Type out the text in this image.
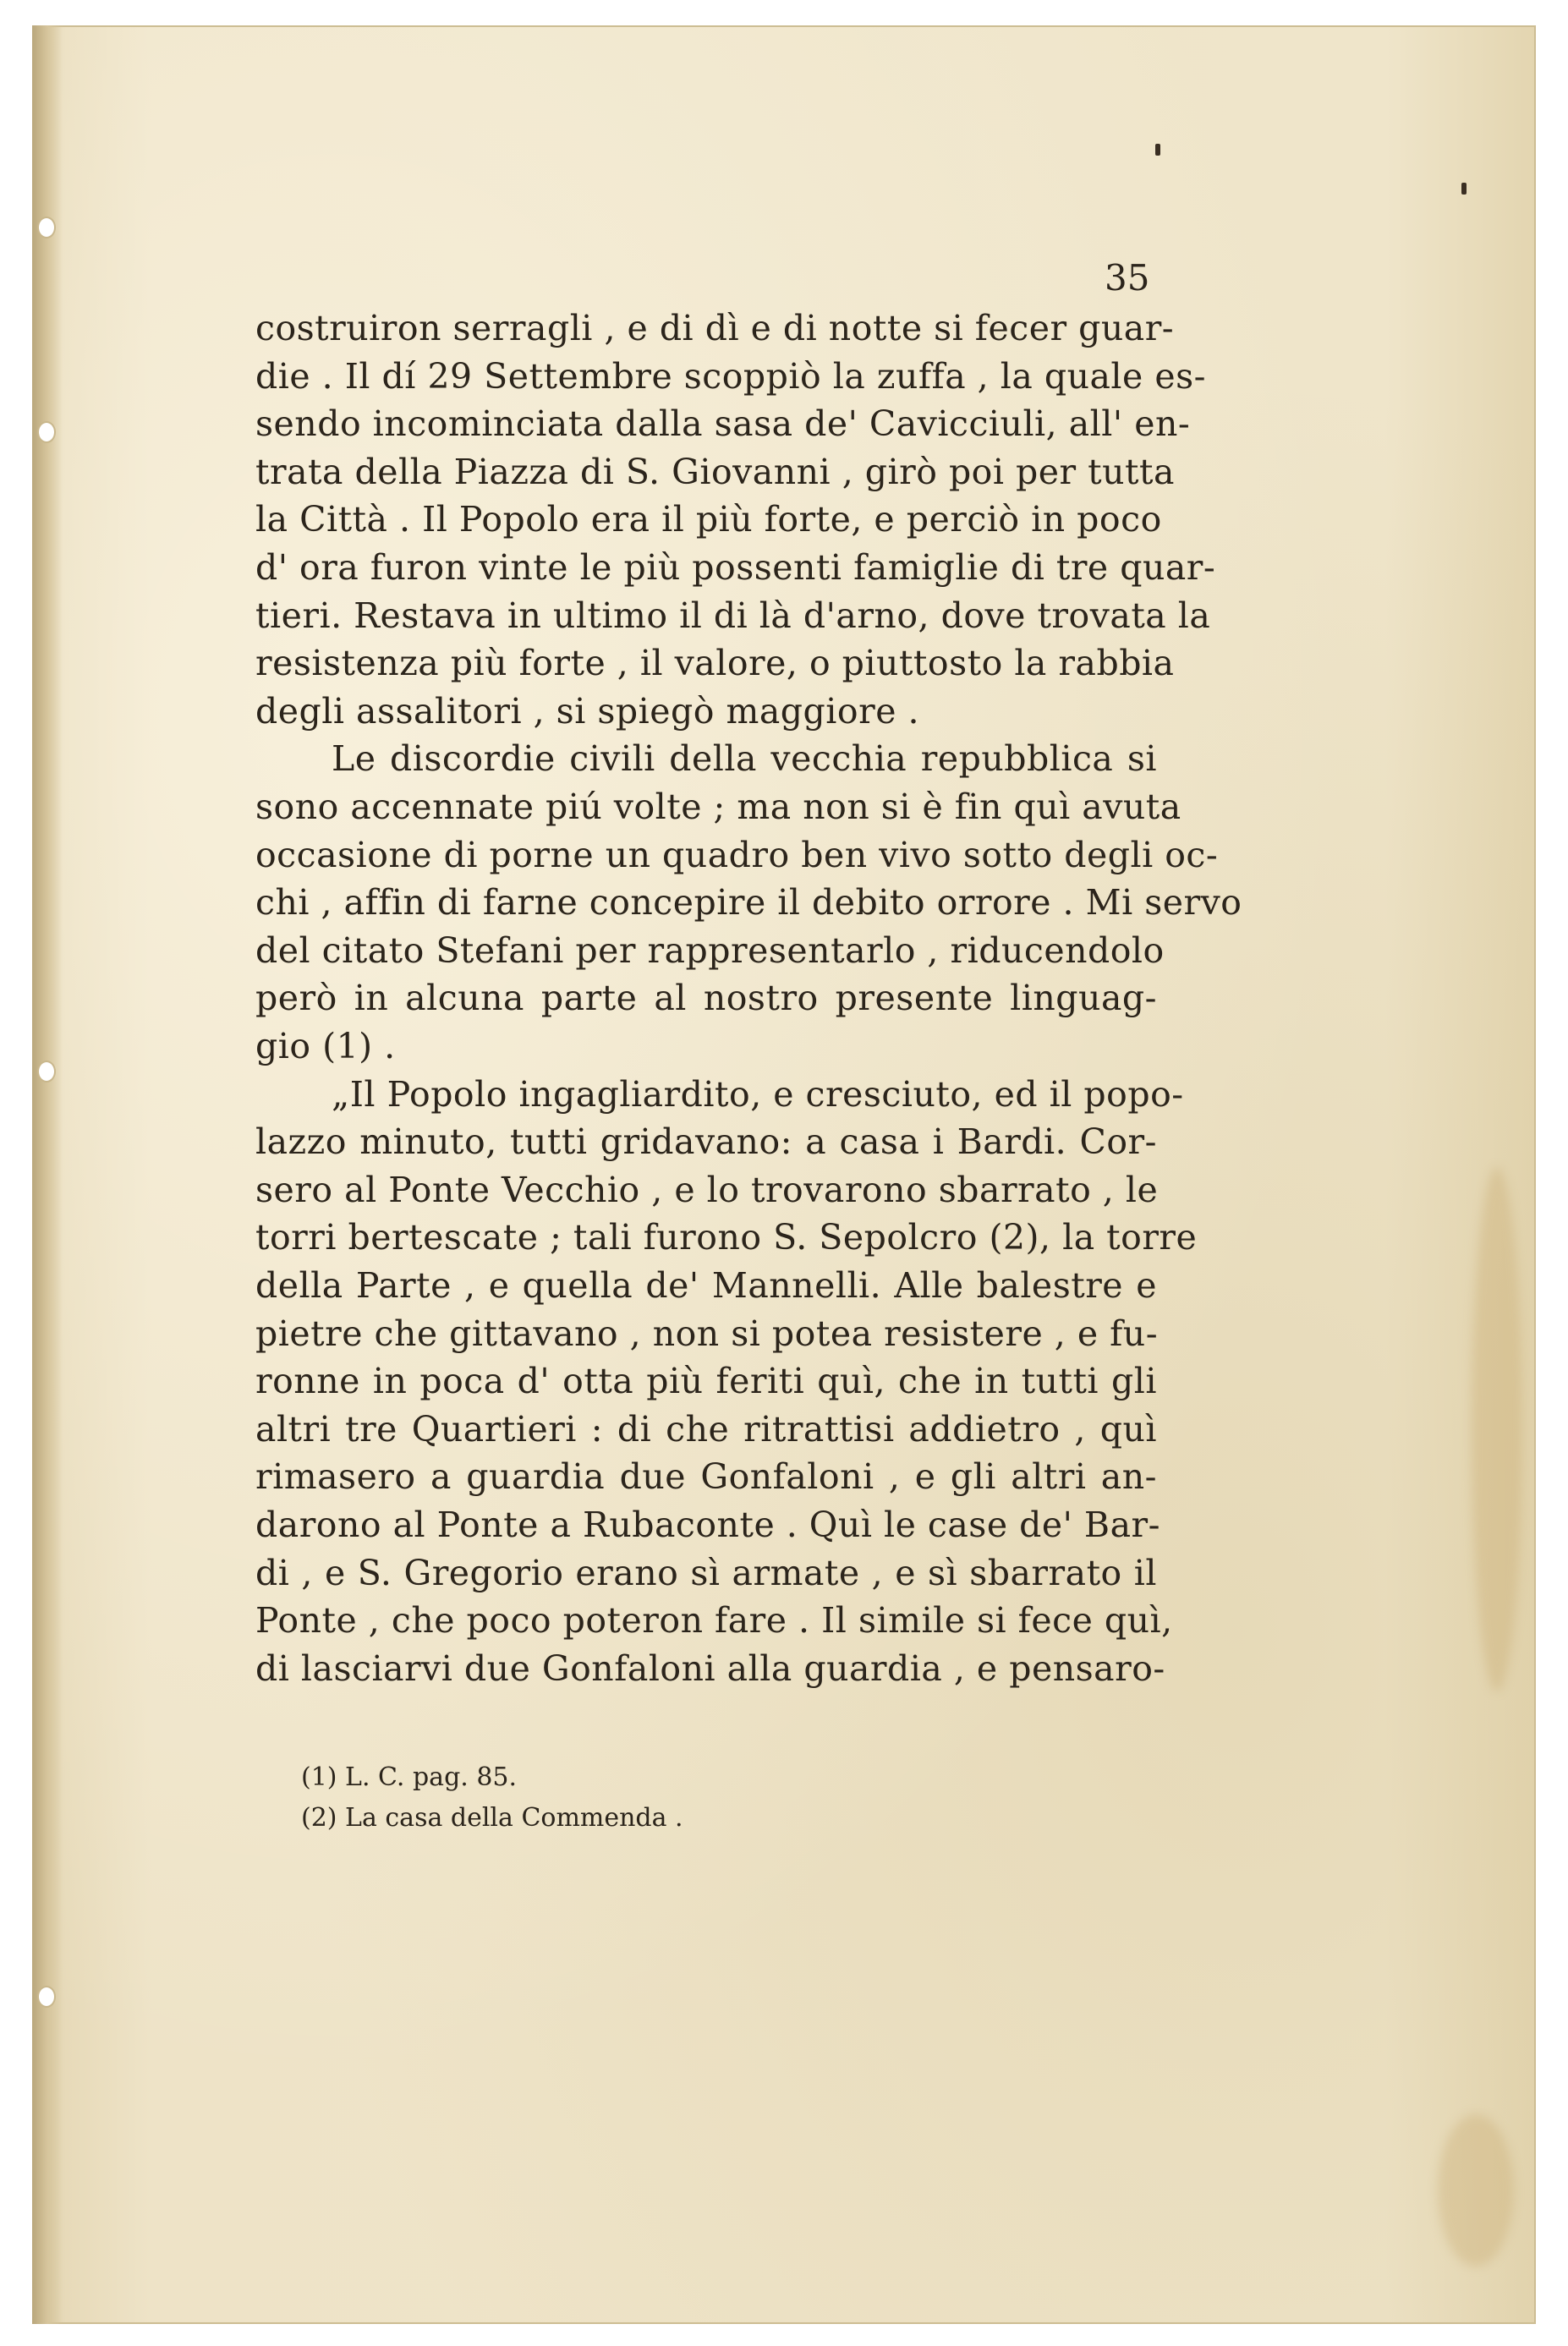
35
costruiron serragli , e di dì e di notte si fecer guar-
die . Il dí 29 Settembre scoppiò la zuffa , la quale es-
sendo incominciata dalla sasa de' Cavicciuli, all' en-
trata della Piazza di S. Giovanni , girò poi per tutta
la Città . Il Popolo era il più forte, e perciò in poco
d' ora furon vinte le più possenti famiglie di tre quar-
tieri. Restava in ultimo il di là d'arno, dove trovata la
resistenza più forte , il valore, o piuttosto la rabbia
degli assalitori , si spiegò maggiore .
Le discordie civili della vecchia repubblica si
sono accennate piú volte ; ma non si è fin quì avuta
occasione di porne un quadro ben vivo sotto degli oc-
chi , affin di farne concepire il debito orrore . Mi servo
del citato Stefani per rappresentarlo , riducendolo
però in alcuna parte al nostro presente linguag-
gio (1) .
„Il Popolo ingagliardito, e cresciuto, ed il popo-
lazzo minuto, tutti gridavano: a casa i Bardi. Cor-
sero al Ponte Vecchio , e lo trovarono sbarrato , le
torri bertescate ; tali furono S. Sepolcro (2), la torre
della Parte , e quella de' Mannelli. Alle balestre e
pietre che gittavano , non si potea resistere , e fu-
ronne in poca d' otta più feriti quì, che in tutti gli
altri tre Quartieri : di che ritrattisi addietro , quì
rimasero a guardia due Gonfaloni , e gli altri an-
darono al Ponte a Rubaconte . Quì le case de' Bar-
di , e S. Gregorio erano sì armate , e sì sbarrato il
Ponte , che poco poteron fare . Il simile si fece quì,
di lasciarvi due Gonfaloni alla guardia , e pensaro-
(1) L. C. pag. 85.
(2) La casa della Commenda .
